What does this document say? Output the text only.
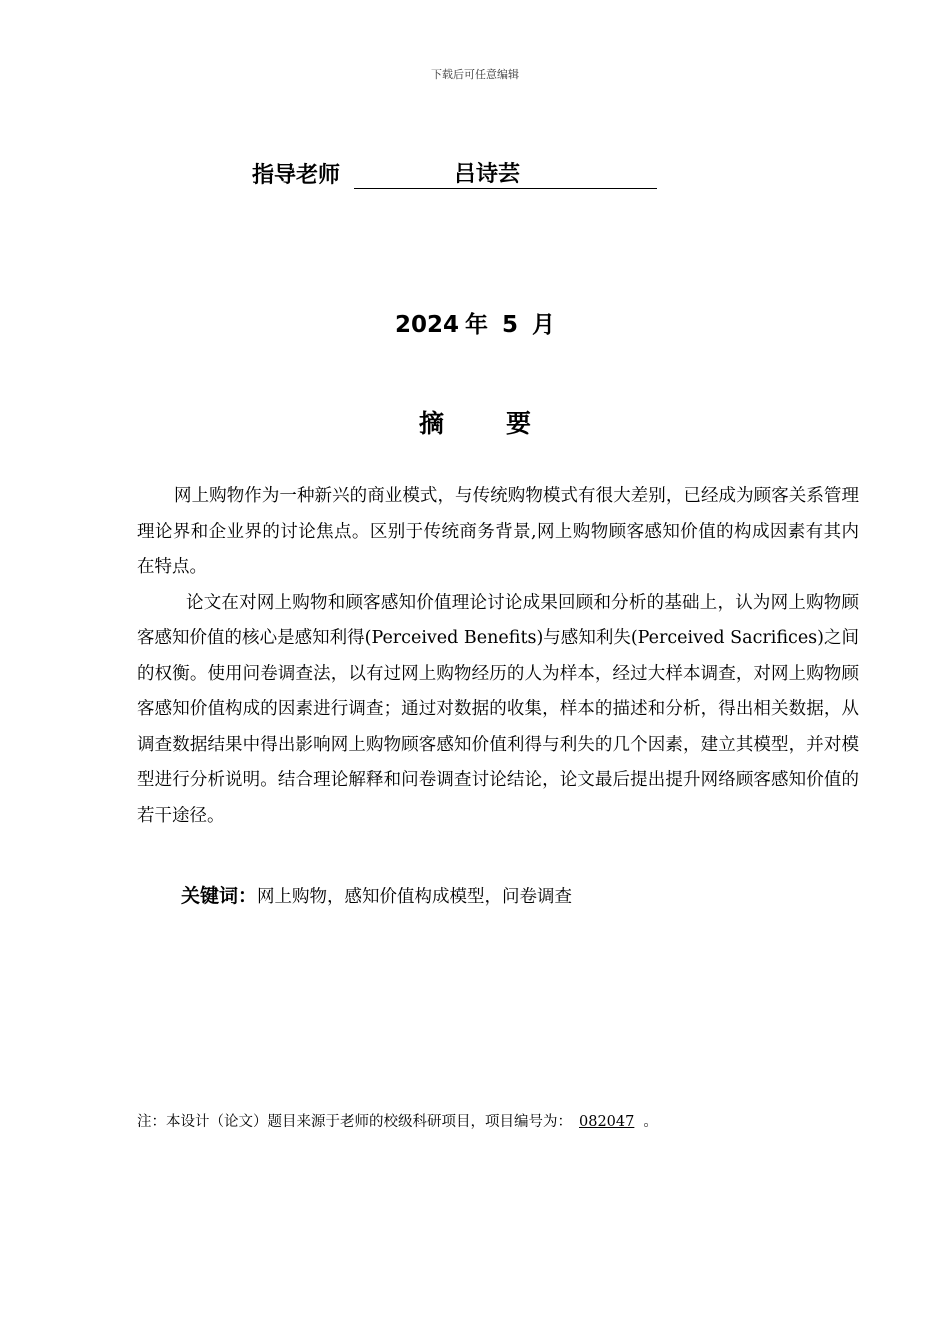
下载后可任意编辑
指导老师	吕诗芸
2024 年 5 月
摘要

网上购物作为一种新兴的商业模式，与传统购物模式有很大差别，已经成为顾客关系管理理论界和企业界的讨论焦点。区别于传统商务背景,网上购物顾客感知价值的构成因素有其内在特点。

论文在对网上购物和顾客感知价值理论讨论成果回顾和分析的基础上，认为网上购物顾客感知价值的核心是感知利得(Perceived Benefits)与感知利失(Perceived Sacrifices)之间的权衡。使用问卷调查法，以有过网上购物经历的人为样本，经过大样本调查，对网上购物顾客感知价值构成的因素进行调查；通过对数据的收集，样本的描述和分析，得出相关数据，从调查数据结果中得出影响网上购物顾客感知价值利得与利失的几个因素，建立其模型，并对模型进行分析说明。结合理论解释和问卷调查讨论结论，论文最后提出提升网络顾客感知价值的若干途径。

关键词：网上购物，感知价值构成模型，问卷调查
注：本设计（论文）题目来源于老师的校级科研项目，项目编号为： 082047 。
